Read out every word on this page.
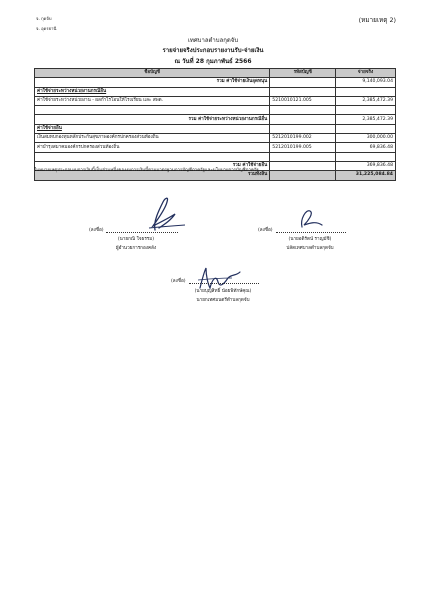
จ. กุดจับ
จ. อุดรธานี
(หมายเหตุ 2)
เทศบาลตำบลกุดจับ
รายจ่ายจริงประกอบรายงานรับ-จ่ายเงิน
ณ วันที่ 28 กุมภาพันธ์ 2566
ชื่อบัญชี	รหัสบัญชี	จ่ายจริง
รวม ค่าใช้จ่ายเงินอุดหนุน		9,140,093.04
ค่าใช้จ่ายระหว่างหน่วยงานกรณีอื่น		
ค่าใช้จ่ายระหว่างหน่วยงาน - ผลกำไรโอนให้โรงเรียน และ สพด.	5210010121.005	2,385,472.39

รวม ค่าใช้จ่ายระหว่างหน่วยงานกรณีอื่น		2,385,472.39
ค่าใช้จ่ายอื่น		
เงินสมทบกองทุนหลักประกันสุขภาพองค์กรปกครองส่วนท้องถิ่น	5212010199.002	300,000.00
ค่าบำรุงสมาคมองค์กรปกครองส่วนท้องถิ่น	5212010199.005	69,836.48

รวม ค่าใช้จ่ายอื่น		369,836.48
รวมทั้งสิ้น		31,225,084.84
ในหมายเหตุประกอบงบการเงินนี้เป็นส่วนหนึ่งของงบการเงินนี้ตามมาตรฐานการบัญชีภาครัฐและนโยบายการบัญชีภาครัฐ
(ลงชื่อ)
(นายกณิ ใจธรรม)
ผู้อำนวยการกองคลัง
(ลงชื่อ)
(นายอดิรัตน์ ราญมัชิ)
ปลัดเทศบาลตำบลกุดจับ
(ลงชื่อ)
(นายบุญสิทธิ์ น้อยพิทักษ์คุณ)
นายกเทศมนตรีตำบลกุดจับ
